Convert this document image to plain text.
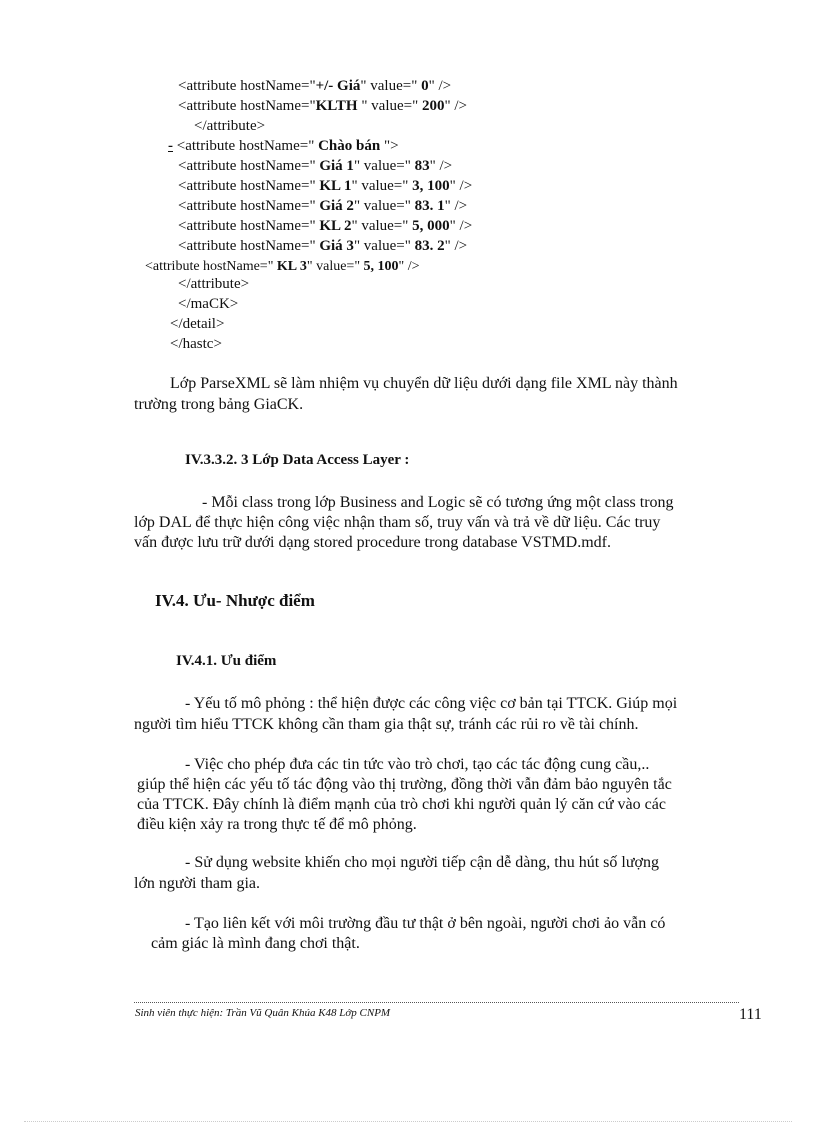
<attribute hostName="+/- Giá" value=" 0" />
<attribute hostName="KLTH " value=" 200" />
</attribute>
- <attribute hostName=" Chào bán ">
<attribute hostName=" Giá 1" value=" 83" />
<attribute hostName=" KL 1" value=" 3, 100" />
<attribute hostName=" Giá 2" value=" 83. 1" />
<attribute hostName=" KL 2" value=" 5, 000" />
<attribute hostName=" Giá 3" value=" 83. 2" />
<attribute hostName=" KL 3" value=" 5, 100" />
</attribute>
</maCK>
</detail>
</hastc>
Lớp ParseXML sẽ làm nhiệm vụ chuyển dữ liệu dưới dạng file XML này thành
trường trong bảng GiaCK.
IV.3.3.2. 3 Lớp Data Access Layer :
- Mỗi class trong lớp Business and Logic sẽ có tương ứng một class trong
lớp DAL để thực hiện công việc nhận tham số, truy vấn và trả về dữ liệu. Các truy
vấn được lưu trữ dưới dạng stored procedure trong database VSTMD.mdf.
IV.4. Ưu- Nhược điểm
IV.4.1. Ưu điểm
- Yếu tố mô phỏng : thể hiện được các công việc cơ bản tại TTCK. Giúp mọi
người tìm hiểu TTCK không cần tham gia thật sự, tránh các rủi ro về tài chính.
- Việc cho phép đưa các tin tức vào trò chơi, tạo các tác động cung cầu,..
giúp thể hiện các yếu tố tác động vào thị trường, đồng thời vẫn đảm bảo nguyên tắc
của TTCK. Đây chính là điểm mạnh của trò chơi khi người quản lý căn cứ vào các
điều kiện xảy ra trong thực tế để mô phỏng.
- Sử dụng website khiến cho mọi người tiếp cận dễ dàng, thu hút số lượng
lớn người tham gia.
- Tạo liên kết với môi trường đầu tư thật ở bên ngoài, người chơi ảo vẫn có
cảm giác là mình đang chơi thật.
Sinh viên thực hiện: Trần Vũ Quân Khúa K48 Lớp CNPM	111
